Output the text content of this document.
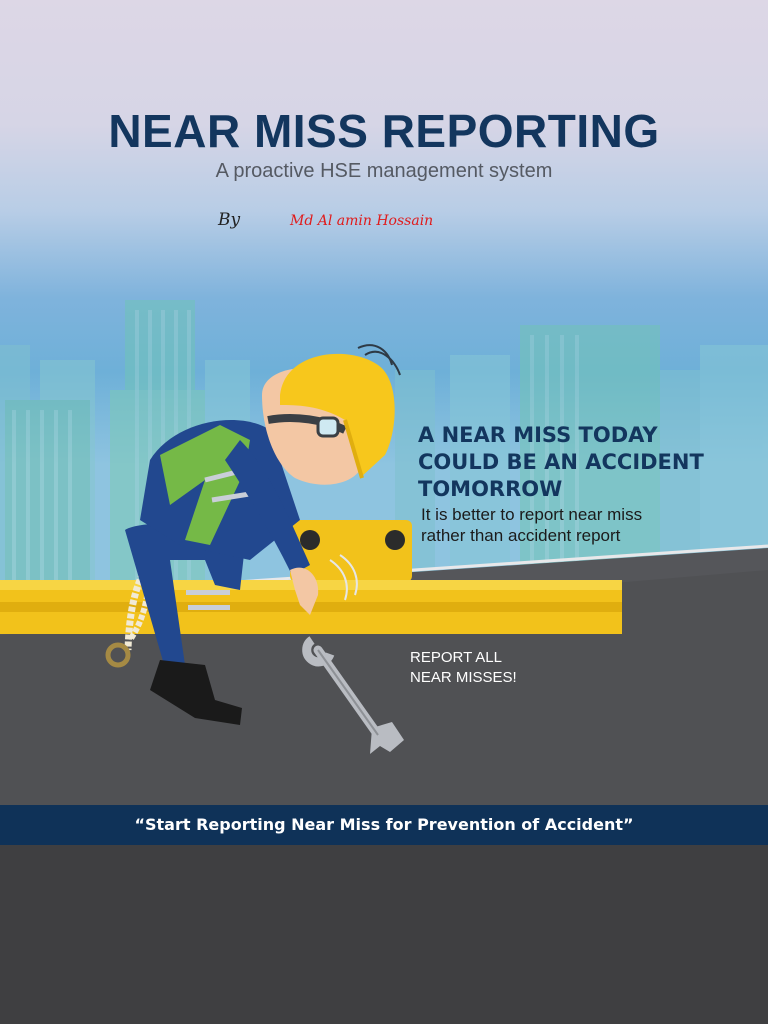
NEAR MISS REPORTING

A proactive HSE management system

By	Md Al amin Hossain
A NEAR MISS TODAY
COULD BE AN ACCIDENT
TOMORROW
It is better to report near miss
rather than accident report
REPORT ALL
NEAR MISSES!
“Start Reporting Near Miss for Prevention of Accident”
